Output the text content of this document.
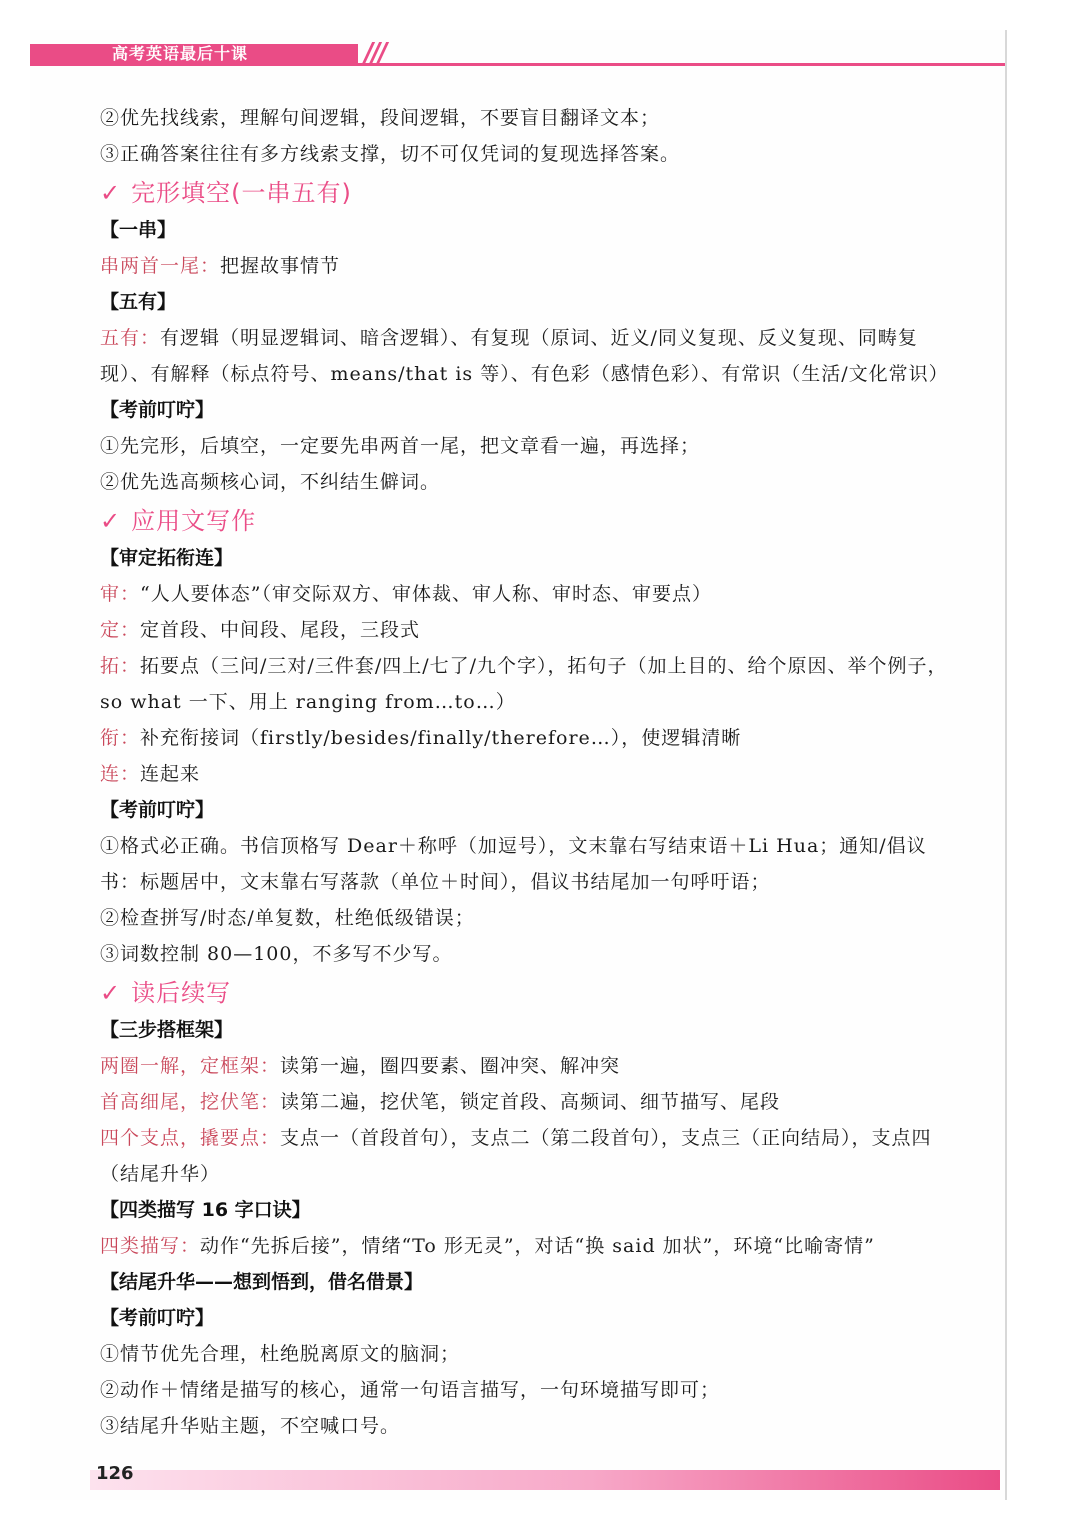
高考英语最后十课
②优先找线索，理解句间逻辑，段间逻辑，不要盲目翻译文本；
③正确答案往往有多方线索支撑，切不可仅凭词的复现选择答案。
✓ 完形填空(一串五有)
【一串】
串两首一尾：把握故事情节
【五有】
五有：有逻辑（明显逻辑词、暗含逻辑）、有复现（原词、近义/同义复现、反义复现、同畴复现）、有解释（标点符号、means/that is 等）、有色彩（感情色彩）、有常识（生活/文化常识）
【考前叮咛】
①先完形，后填空，一定要先串两首一尾，把文章看一遍，再选择；
②优先选高频核心词，不纠结生僻词。
✓ 应用文写作
【审定拓衔连】
审：“人人要体态”（审交际双方、审体裁、审人称、审时态、审要点）
定：定首段、中间段、尾段，三段式
拓：拓要点（三问/三对/三件套/四上/七了/九个字），拓句子（加上目的、给个原因、举个例子，so what 一下、用上 ranging from…to…）
衔：补充衔接词（firstly/besides/finally/therefore…），使逻辑清晰
连：连起来
【考前叮咛】
①格式必正确。书信顶格写 Dear＋称呼（加逗号），文末靠右写结束语＋Li Hua；通知/倡议书：标题居中，文末靠右写落款（单位＋时间），倡议书结尾加一句呼吁语；
②检查拼写/时态/单复数，杜绝低级错误；
③词数控制 80—100，不多写不少写。
✓ 读后续写
【三步搭框架】
两圈一解，定框架：读第一遍，圈四要素、圈冲突、解冲突
首高细尾，挖伏笔：读第二遍，挖伏笔，锁定首段、高频词、细节描写、尾段
四个支点，撬要点：支点一（首段首句），支点二（第二段首句），支点三（正向结局），支点四（结尾升华）
【四类描写 16 字口诀】
四类描写：动作“先拆后接”，情绪“To 形无灵”，对话“换 said 加状”，环境“比喻寄情”
【结尾升华——想到悟到，借名借景】
【考前叮咛】
①情节优先合理，杜绝脱离原文的脑洞；
②动作＋情绪是描写的核心，通常一句语言描写，一句环境描写即可；
③结尾升华贴主题，不空喊口号。
126
